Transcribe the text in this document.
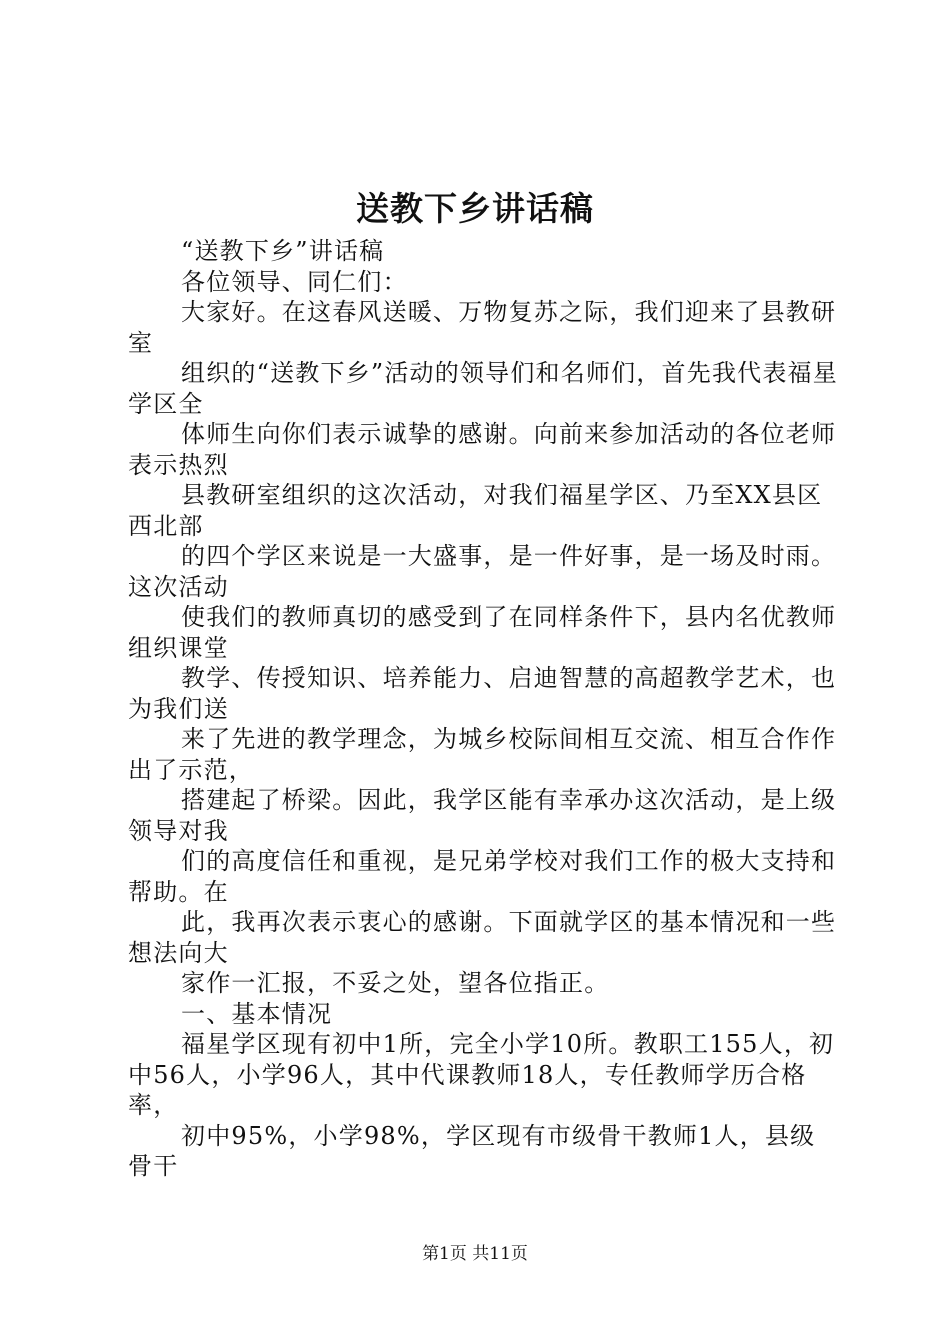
送教下乡讲话稿

“送教下乡”讲话稿

各位领导、同仁们：

大家好。在这春风送暖、万物复苏之际，我们迎来了县教研室

组织的“送教下乡”活动的领导们和名师们，首先我代表福星学区全

体师生向你们表示诚挚的感谢。向前来参加活动的各位老师表示热烈

县教研室组织的这次活动，对我们福星学区、乃至XX县区西北部

的四个学区来说是一大盛事，是一件好事，是一场及时雨。这次活动

使我们的教师真切的感受到了在同样条件下，县内名优教师组织课堂

教学、传授知识、培养能力、启迪智慧的高超教学艺术，也为我们送

来了先进的教学理念，为城乡校际间相互交流、相互合作作出了示范，

搭建起了桥梁。因此，我学区能有幸承办这次活动，是上级领导对我

们的高度信任和重视，是兄弟学校对我们工作的极大支持和帮助。在

此，我再次表示衷心的感谢。下面就学区的基本情况和一些想法向大

家作一汇报，不妥之处，望各位指正。

一、基本情况

福星学区现有初中1所，完全小学10所。教职工155人，初中56人，小学96人，其中代课教师18人，专任教师学历合格率，

初中95%，小学98%，学区现有市级骨干教师1人，县级骨干

第1页 共11页
